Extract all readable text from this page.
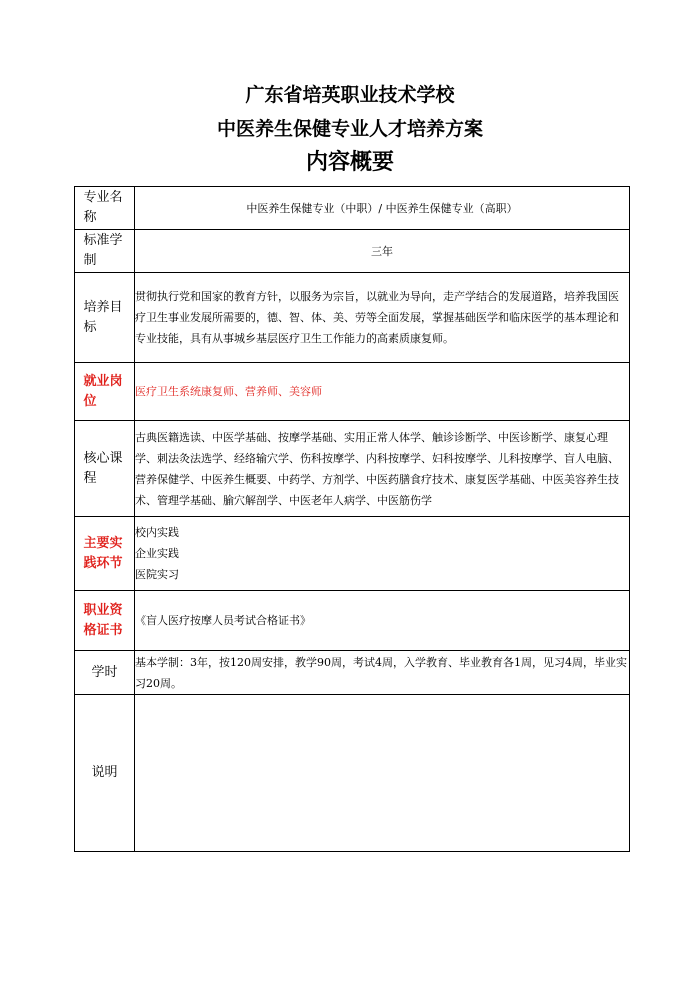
广东省培英职业技术学校
中医养生保健专业人才培养方案
内容概要
专业名称	中医养生保健专业（中职）/ 中医养生保健专业（高职）
标准学制	三年
培养目标	贯彻执行党和国家的教育方针，以服务为宗旨，以就业为导向，走产学结合的发展道路，培养我国医疗卫生事业发展所需要的，德、智、体、美、劳等全面发展，掌握基础医学和临床医学的基本理论和专业技能，具有从事城乡基层医疗卫生工作能力的高素质康复师。
就业岗位	医疗卫生系统康复师、营养师、美容师
核心课程	古典医籍选读、中医学基础、按摩学基础、实用正常人体学、触诊诊断学、中医诊断学、康复心理学、刺法灸法选学、经络输穴学、伤科按摩学、内科按摩学、妇科按摩学、儿科按摩学、盲人电脑、营养保健学、中医养生概要、中药学、方剂学、中医药膳食疗技术、康复医学基础、中医美容养生技术、管理学基础、腧穴解剖学、中医老年人病学、中医筋伤学
主要实践环节	校内实践
企业实践
医院实习

职业资格证书	《盲人医疗按摩人员考试合格证书》
学时	基本学制：3年，按120周安排，教学90周，考试4周，入学教育、毕业教育各1周，见习4周，毕业实习20周。
说明	
